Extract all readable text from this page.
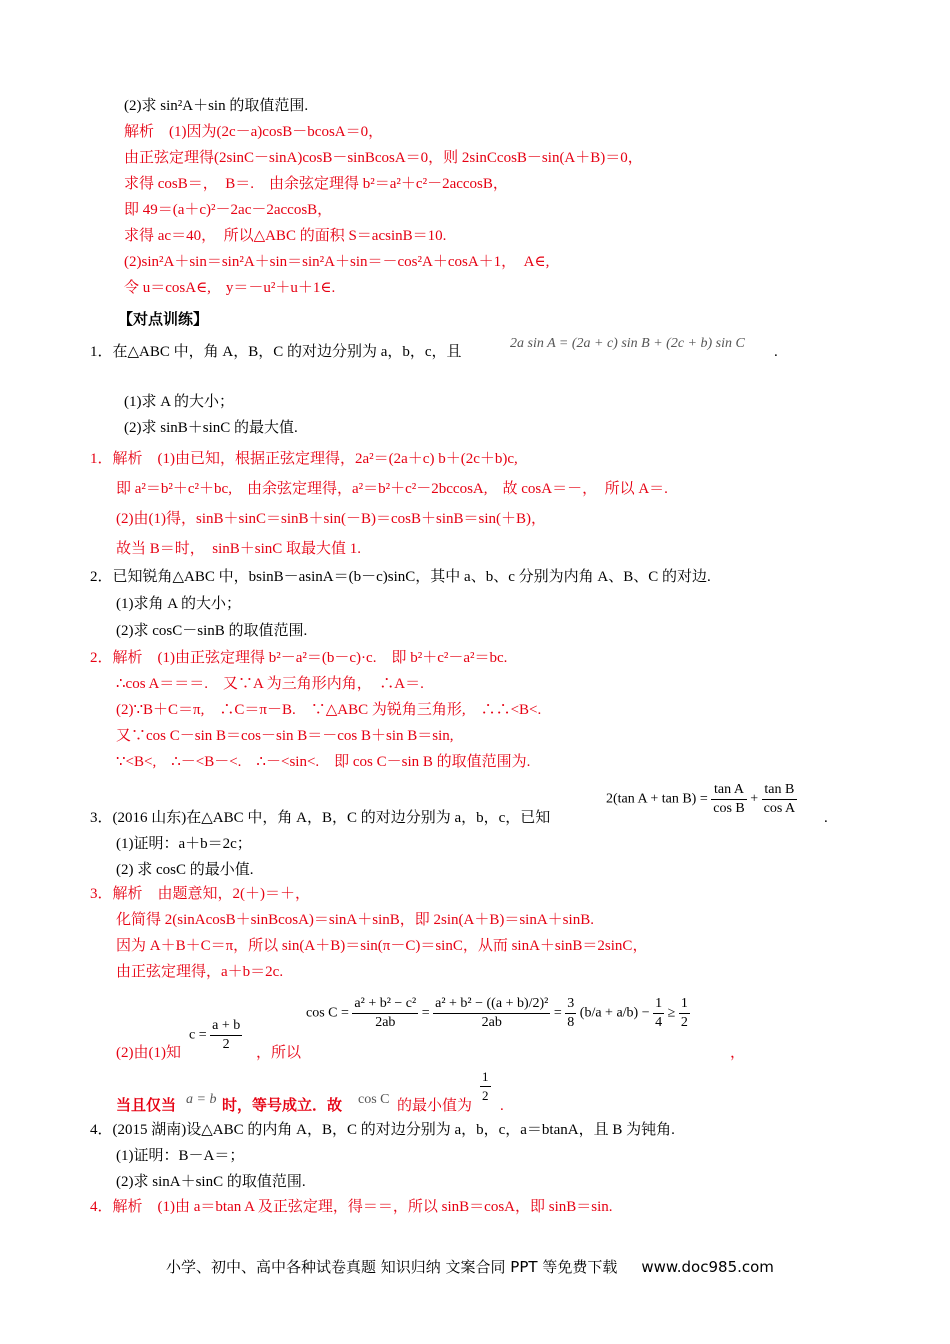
(2)求 sin²A＋sin 的取值范围.
解析　(1)因为(2c－a)cosB－bcosA＝0，
由正弦定理得(2sinC－sinA)cosB－sinBcosA＝0，则 2sinCcosB－sin(A＋B)＝0，
求得 cosB＝，　B＝.　由余弦定理得 b²＝a²＋c²－2accosB，
即 49＝(a＋c)²－2ac－2accosB，
求得 ac＝40，　所以△ABC 的面积 S＝acsinB＝10.
(2)sin²A＋sin＝sin²A＋sin＝sin²A＋sin＝－cos²A＋cosA＋1，　A∈,
令 u＝cosA∈,　y＝－u²＋u＋1∈.
【对点训练】
1．在△ABC 中，角 A，B，C 的对边分别为 a，b，c，且
2a sin A = (2a + c) sin B + (2c + b) sin C
.
(1)求 A 的大小；
(2)求 sinB＋sinC 的最大值.
1．解析　(1)由已知，根据正弦定理得，2a²＝(2a＋c) b＋(2c＋b)c,
即 a²＝b²＋c²＋bc,　由余弦定理得，a²＝b²＋c²－2bccosA,　故 cosA＝－，　所以 A＝.
(2)由(1)得，sinB＋sinC＝sinB＋sin(－B)＝cosB＋sinB＝sin(＋B)，
故当 B＝时，　sinB＋sinC 取最大值 1.
2．已知锐角△ABC 中，bsinB－asinA＝(b－c)sinC，其中 a、b、c 分别为内角 A、B、C 的对边.
(1)求角 A 的大小；
(2)求 cosC－sinB 的取值范围.
2．解析　(1)由正弦定理得 b²－a²＝(b－c)·c.　即 b²＋c²－a²＝bc.
∴cos A＝＝＝.　又∵A 为三角形内角，　∴A＝.
(2)∵B＋C＝π,　∴C＝π－B.　∵△ABC 为锐角三角形,　∴∴<B<.
又∵cos C－sin B＝cos－sin B＝－cos B＋sin B＝sin,
∵<B<,　∴－<B－<.　∴－<sin<.　即 cos C－sin B 的取值范围为.
3．(2016 山东)在△ABC 中，角 A，B，C 的对边分别为 a，b，c，已知
2(tan $A + \tan B) = \frac{\text{tan A}}{\text{cos B}} + \frac{\text{tan B}}{\text{cos A}}$ .
(1)证明：a＋b＝2c；
(2) 求 cosC 的最小值.
3．解析　由题意知，2(＋)＝＋，
化简得 2(sinAcosB＋sinBcosA)＝sinA＋sinB，即 2sin(A＋B)＝sinA＋sinB.
因为 A＋B＋C＝π，所以 sin(A＋B)＝sin(π－C)＝sinC，从而 sinA＋sinB＝2sinC，
由正弦定理得，a＋b＝2c.
(2)由(1)知
$c = \frac{a + b}{2}$ ，所以
$\cos C = \frac{\text{a² + b² − c²}}{2ab} = \frac{\text{a² + b² − ((a + b)/2)²}}{2ab} = \frac{3}{8} (b/a + a/b) - \frac{1}{4} \ge \frac{1}{2}$
，
当且仅当 a = b 时，等号成立．故 cos C 的最小值为
$\frac{1}{2}$
.
4．(2015 湖南)设△ABC 的内角 A，B，C 的对边分别为 a，b，c，a＝btanA，且 B 为钝角.
(1)证明：B－A＝；
(2)求 sinA＋sinC 的取值范围.
4．解析　(1)由 a＝btan A 及正弦定理，得＝＝，所以 sinB＝cosA，即 sinB＝sin.
小学、初中、高中各种试卷真题 知识归纳 文案合同 PPT 等免费下载 www.doc985.com
